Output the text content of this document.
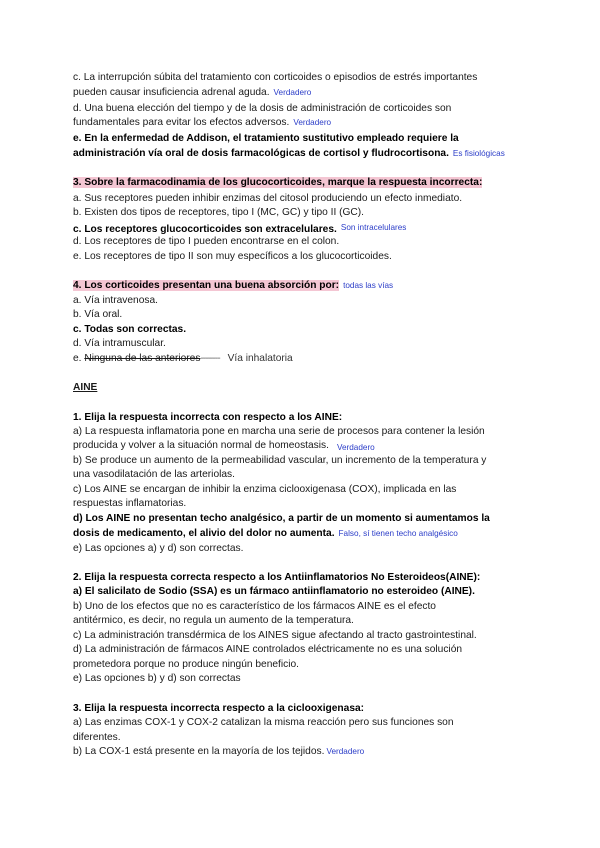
c. La interrupción súbita del tratamiento con corticoides o episodios de estrés importantes
pueden causar insuficiencia adrenal aguda. Verdadero
d. Una buena elección del tiempo y de la dosis de administración de corticoides son
fundamentales para evitar los efectos adversos. Verdadero
e. En la enfermedad de Addison, el tratamiento sustitutivo empleado requiere la
administración vía oral de dosis farmacológicas de cortisol y fludrocortisona. Es fisiológicas
3. Sobre la farmacodinamia de los glucocorticoides, marque la respuesta incorrecta:
a. Sus receptores pueden inhibir enzimas del citosol produciendo un efecto inmediato.
b. Existen dos tipos de receptores, tipo I (MC, GC) y tipo II (GC).
c. Los receptores glucocorticoides son extracelulares. Son intracelulares
d. Los receptores de tipo I pueden encontrarse en el colon.
e. Los receptores de tipo II son muy específicos a los glucocorticoides.
4. Los corticoides presentan una buena absorción por: todas las vías
a. Vía intravenosa.
b. Vía oral.
c. Todas son correctas.
d. Vía intramuscular.
e. Ninguna de las anteriores-------- Vía inhalatoria
AINE
1. Elija la respuesta incorrecta con respecto a los AINE:
a) La respuesta inflamatoria pone en marcha una serie de procesos para contener la lesión
producida y volver a la situación normal de homeostasis. Verdadero
b) Se produce un aumento de la permeabilidad vascular, un incremento de la temperatura y
una vasodilatación de las arteriolas.
c) Los AINE se encargan de inhibir la enzima ciclooxigenasa (COX), implicada en las
respuestas inflamatorias.
d) Los AINE no presentan techo analgésico, a partir de un momento si aumentamos la
dosis de medicamento, el alivio del dolor no aumenta. Falso, sí tienen techo analgésico
e) Las opciones a) y d) son correctas.
2. Elija la respuesta correcta respecto a los Antiinflamatorios No Esteroideos(AINE):
a) El salicilato de Sodio (SSA) es un fármaco antiinflamatorio no esteroideo (AINE).
b) Uno de los efectos que no es característico de los fármacos AINE es el efecto
antitérmico, es decir, no regula un aumento de la temperatura.
c) La administración transdérmica de los AINES sigue afectando al tracto gastrointestinal.
d) La administración de fármacos AINE controlados eléctricamente no es una solución
prometedora porque no produce ningún beneficio.
e) Las opciones b) y d) son correctas
3. Elija la respuesta incorrecta respecto a la ciclooxigenasa:
a) Las enzimas COX-1 y COX-2 catalizan la misma reacción pero sus funciones son
diferentes.
b) La COX-1 está presente en la mayoría de los tejidos. Verdadero
